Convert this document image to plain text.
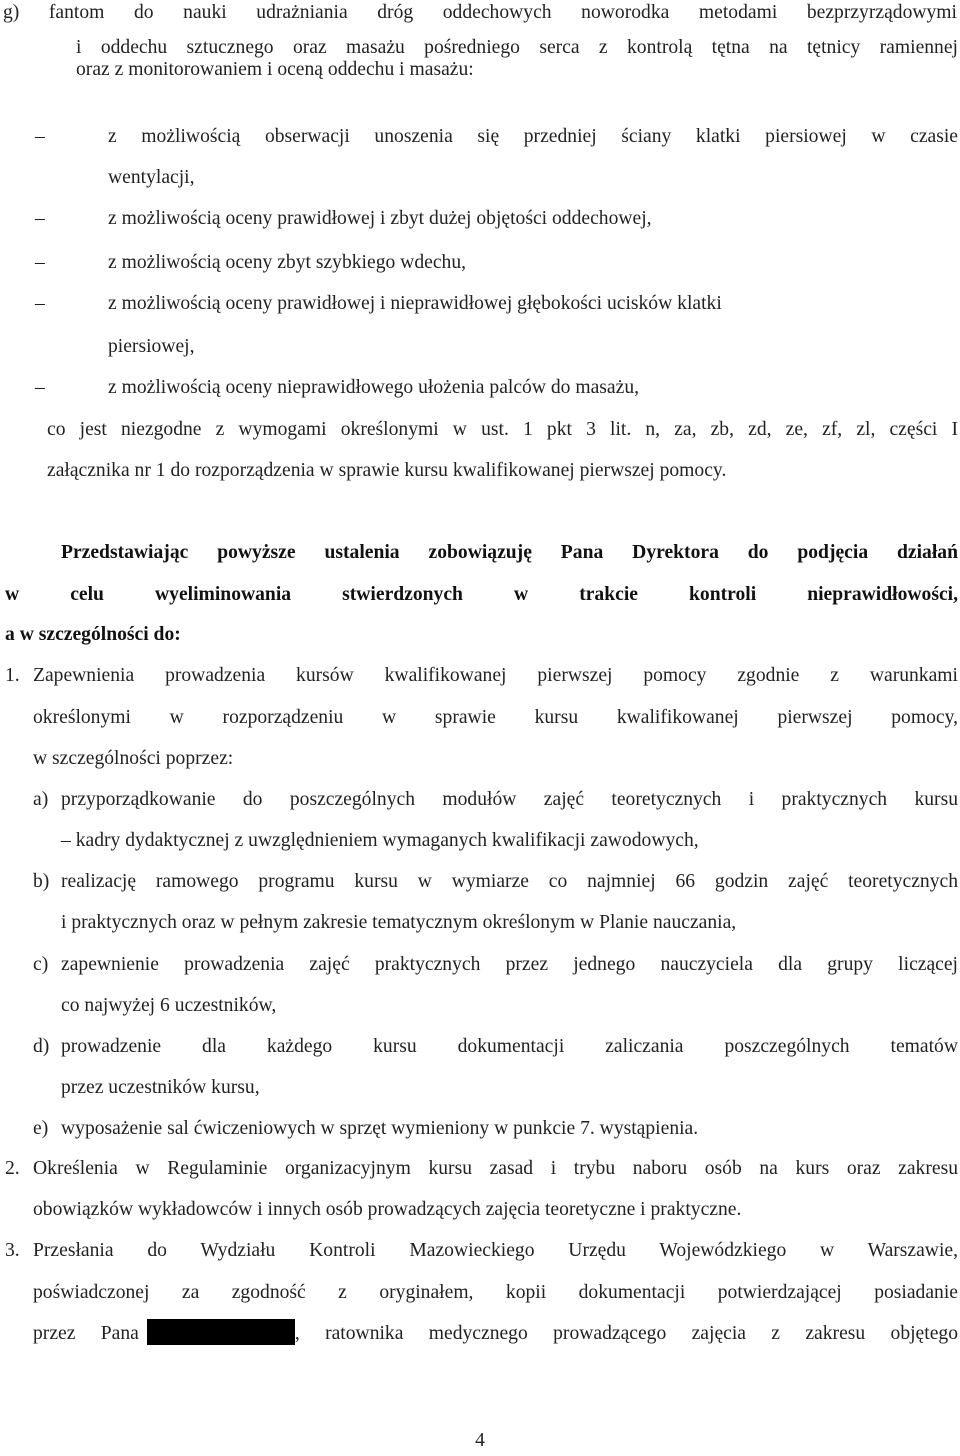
g) fantom do nauki udrażniania dróg oddechowych noworodka metodami bezprzyrządowymi
i oddechu sztucznego oraz masażu pośredniego serca z kontrolą tętna na tętnicy ramiennej
oraz z monitorowaniem i oceną oddechu i masażu:
–	z możliwością obserwacji unoszenia się przedniej ściany klatki piersiowej w czasie
wentylacji,
–	z możliwością oceny prawidłowej i zbyt dużej objętości oddechowej,
–	z możliwością oceny zbyt szybkiego wdechu,
–	z możliwością oceny prawidłowej i nieprawidłowej głębokości ucisków klatki
piersiowej,
–	z możliwością oceny nieprawidłowego ułożenia palców do masażu,
co jest niezgodne z wymogami określonymi w ust. 1 pkt 3 lit. n, za, zb, zd, ze, zf, zl, części I
załącznika nr 1 do rozporządzenia w sprawie kursu kwalifikowanej pierwszej pomocy.
Przedstawiając powyższe ustalenia zobowiązuję Pana Dyrektora do podjęcia działań
w celu wyeliminowania stwierdzonych w trakcie kontroli nieprawidłowości,
a w szczególności do:
1. Zapewnienia prowadzenia kursów kwalifikowanej pierwszej pomocy zgodnie z warunkami
określonymi w rozporządzeniu w sprawie kursu kwalifikowanej pierwszej pomocy,
w szczególności poprzez:
a) przyporządkowanie do poszczególnych modułów zajęć teoretycznych i praktycznych kursu
– kadry dydaktycznej z uwzględnieniem wymaganych kwalifikacji zawodowych,
b) realizację ramowego programu kursu w wymiarze co najmniej 66 godzin zajęć teoretycznych
i praktycznych oraz w pełnym zakresie tematycznym określonym w Planie nauczania,
c) zapewnienie prowadzenia zajęć praktycznych przez jednego nauczyciela dla grupy liczącej
co najwyżej 6 uczestników,
d) prowadzenie dla każdego kursu dokumentacji zaliczania poszczególnych tematów
przez uczestników kursu,
e) wyposażenie sal ćwiczeniowych w sprzęt wymieniony w punkcie 7. wystąpienia.
2. Określenia w Regulaminie organizacyjnym kursu zasad i trybu naboru osób na kurs oraz zakresu
obowiązków wykładowców i innych osób prowadzących zajęcia teoretyczne i praktyczne.
3. Przesłania do Wydziału Kontroli Mazowieckiego Urzędu Wojewódzkiego w Warszawie,
poświadczonej za zgodność z oryginałem, kopii dokumentacji potwierdzającej posiadanie
przez Pana	, ratownika medycznego prowadzącego zajęcia z zakresu objętego
4
